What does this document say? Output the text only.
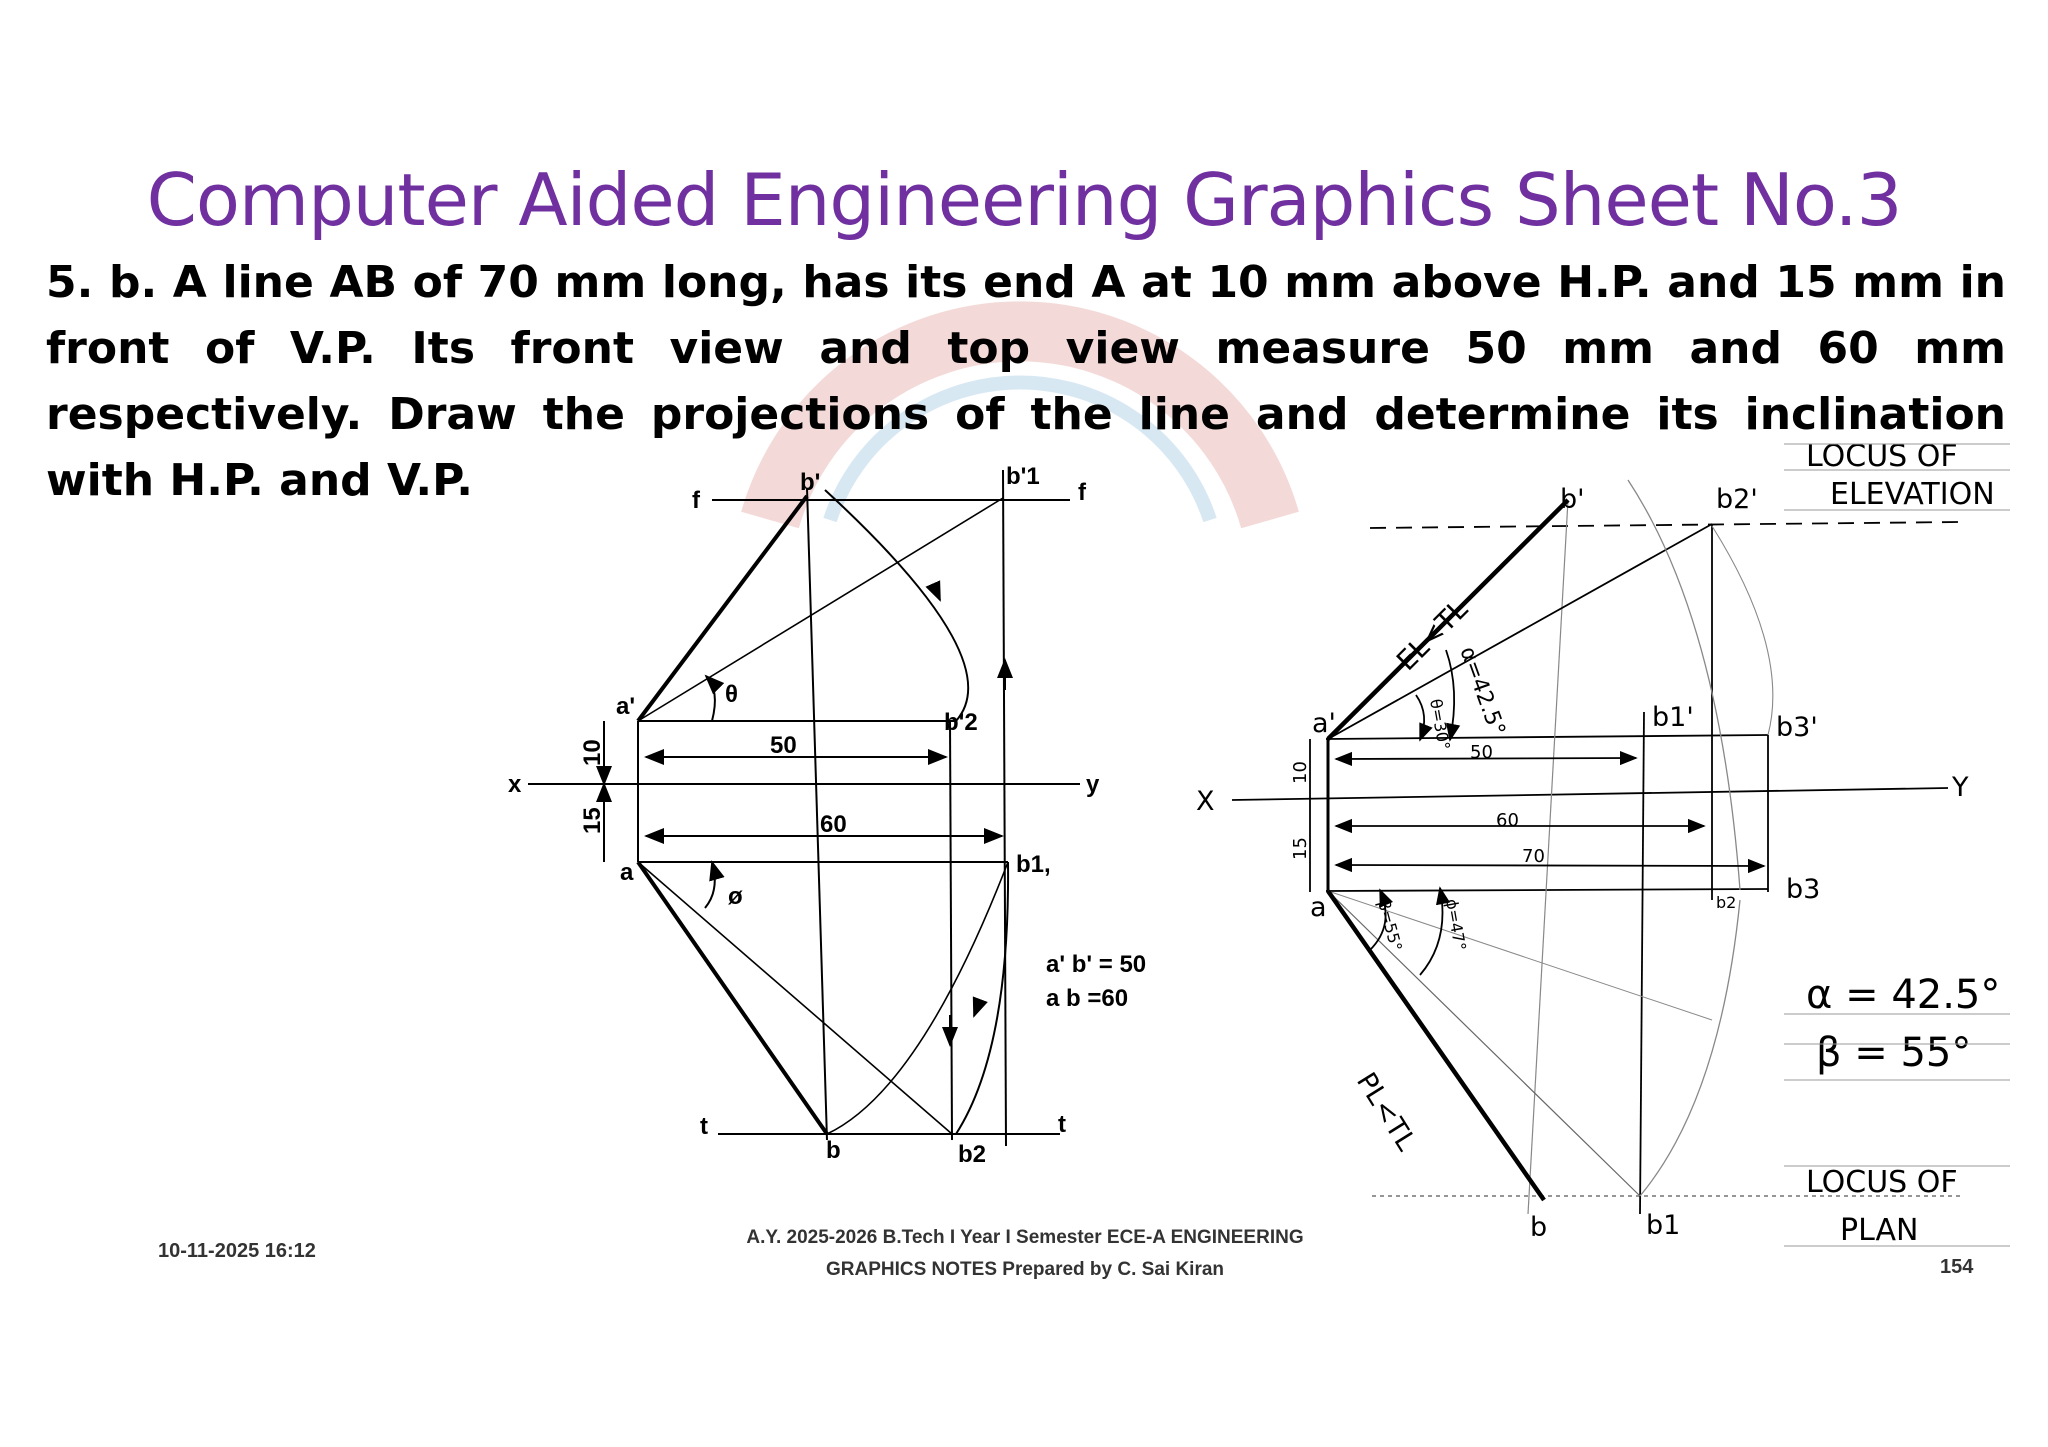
Computer Aided Engineering Graphics Sheet No.3
5. b. A line AB of 70 mm long, has its end A at 10 mm above H.P. and 15 mm in
front of V.P. Its front view and top view measure 50 mm and 60 mm
respectively. Draw the projections of the line and determine its inclination
with H.P. and V.P.	f	f
t	t
x	y
a'
b'	b'1
b'2
a
b
b1,
b2
θ
ø
50
60
10
15
a' b' = 50
a b =60
X	Y
a'
b'	b2'
b1'	b3'
a
b	b1
b2 b3
EL<TL
PL<TL
α=42.5°
θ=30°
β=55° ϕ=47°
50
60
70
10
15
LOCUS OF
ELEVATION
LOCUS OF
PLAN
α = 42.5°
β = 55°
10-11-2025 16:12
A.Y. 2025-2026 B.Tech I Year I Semester ECE-A ENGINEERING
GRAPHICS NOTES Prepared by C. Sai Kiran	154
